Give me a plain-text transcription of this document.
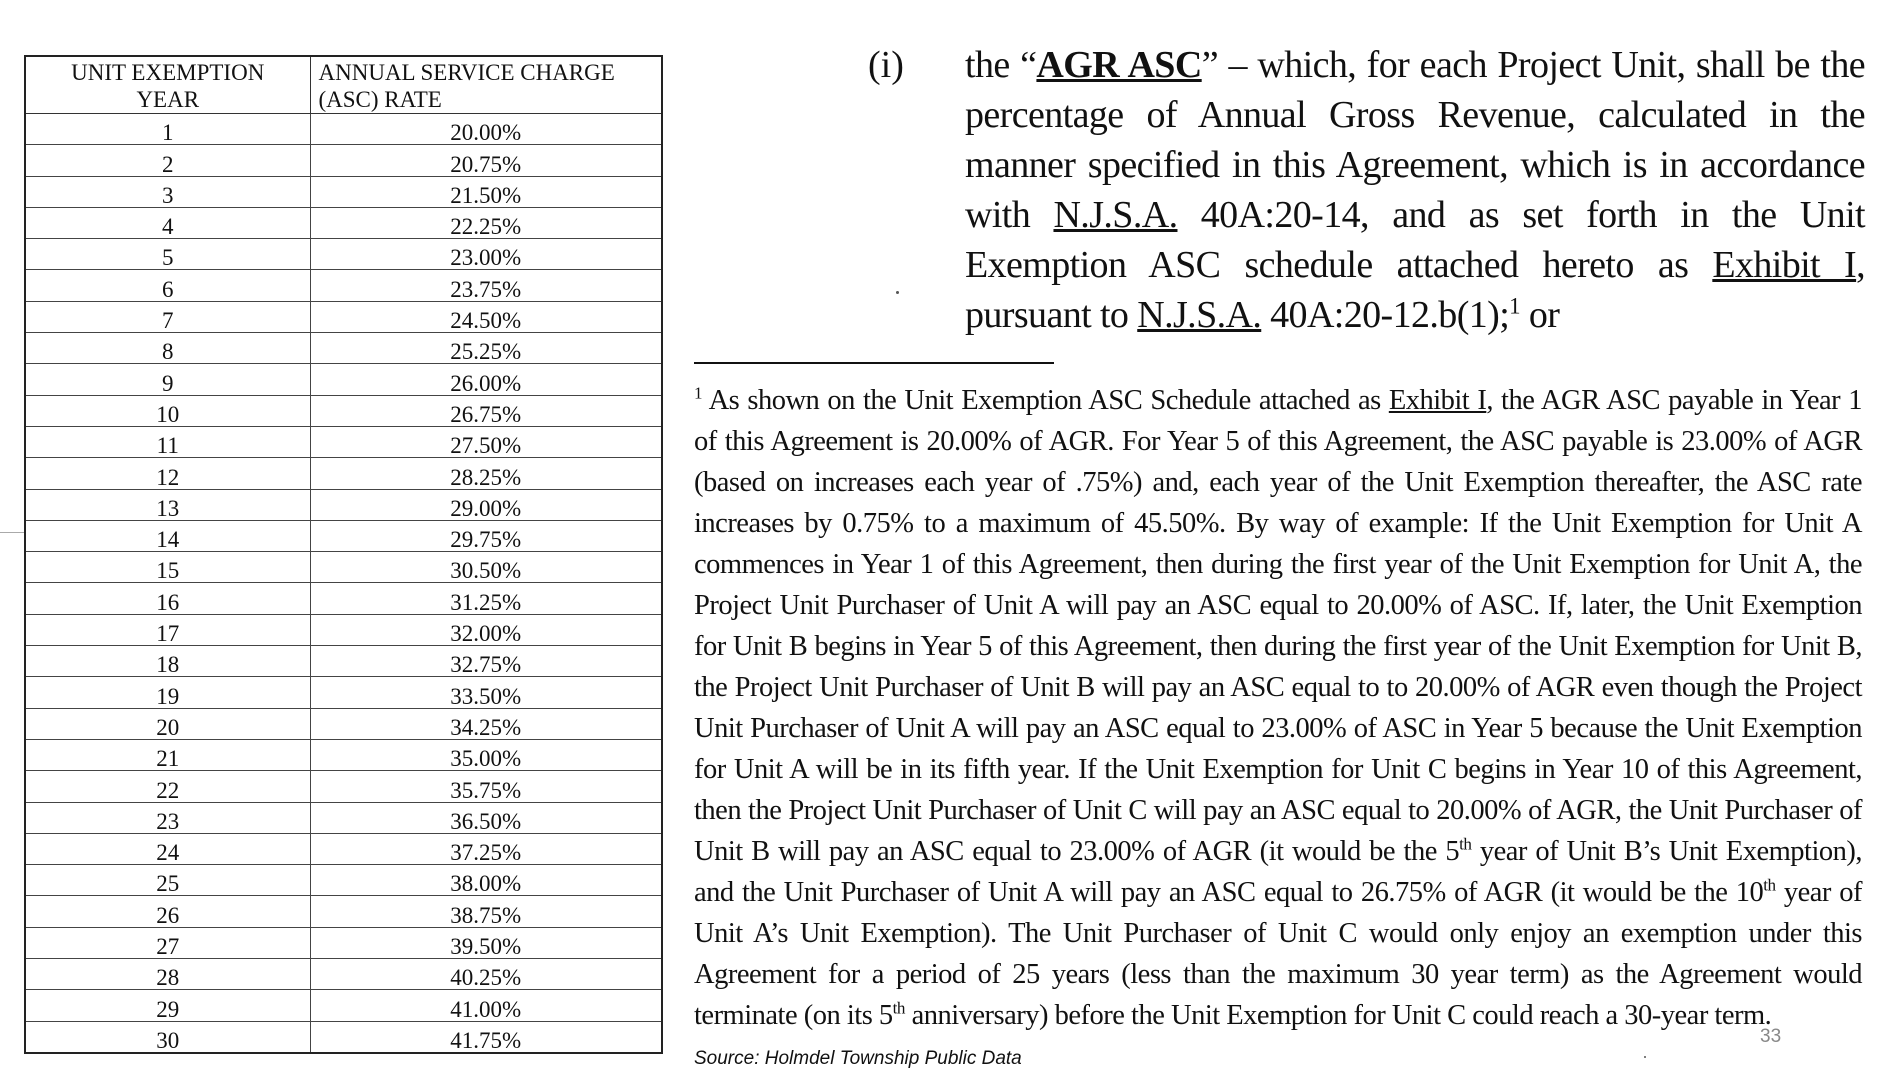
UNIT EXEMPTION
YEAR	ANNUAL SERVICE CHARGE
(ASC) RATE
1	20.00%
2	20.75%
3	21.50%
4	22.25%
5	23.00%
6	23.75%
7	24.50%
8	25.25%
9	26.00%
10	26.75%
11	27.50%
12	28.25%
13	29.00%
14	29.75%
15	30.50%
16	31.25%
17	32.00%
18	32.75%
19	33.50%
20	34.25%
21	35.00%
22	35.75%
23	36.50%
24	37.25%
25	38.00%
26	38.75%
27	39.50%
28	40.25%
29	41.00%
30	41.75%
(i) the “AGR ASC” – which, for each Project Unit, shall be the percentage of Annual Gross Revenue, calculated in the manner specified in this Agreement, which is in accordance with N.J.S.A. 40A:20-14, and as set forth in the Unit Exemption ASC schedule attached hereto as Exhibit I, pursuant to N.J.S.A. 40A:20-12.b(1);$^1$ or
$^1$ As shown on the Unit Exemption ASC Schedule attached as Exhibit I, the AGR ASC payable in Year 1 of this Agreement is 20.00% of AGR. For Year 5 of this Agreement, the ASC payable is 23.00% of AGR (based on increases each year of .75%) and, each year of the Unit Exemption thereafter, the ASC rate increases by 0.75% to a maximum of 45.50%. By way of example: If the Unit Exemption for Unit A commences in Year 1 of this Agreement, then during the first year of the Unit Exemption for Unit A, the Project Unit Purchaser of Unit A will pay an ASC equal to 20.00% of ASC. If, later, the Unit Exemption for Unit B begins in Year 5 of this Agreement, then during the first year of the Unit Exemption for Unit B, the Project Unit Purchaser of Unit B will pay an ASC equal to to 20.00% of AGR even though the Project Unit Purchaser of Unit A will pay an ASC equal to 23.00% of ASC in Year 5 because the Unit Exemption for Unit A will be in its fifth year. If the Unit Exemption for Unit C begins in Year 10 of this Agreement, then the Project Unit Purchaser of Unit C will pay an ASC equal to 20.00% of AGR, the Unit Purchaser of Unit B will pay an ASC equal to 23.00% of AGR (it would be the 5th year of Unit B’s Unit Exemption), and the Unit Purchaser of Unit A will pay an ASC equal to 26.75% of AGR (it would be the 10th year of Unit A’s Unit Exemption). The Unit Purchaser of Unit C would only enjoy an exemption under this Agreement for a period of 25 years (less than the maximum 30 year term) as the Agreement would terminate (on its 5th anniversary) before the Unit Exemption for Unit C could reach a 30-year term.
Source: Holmdel Township Public Data
33
